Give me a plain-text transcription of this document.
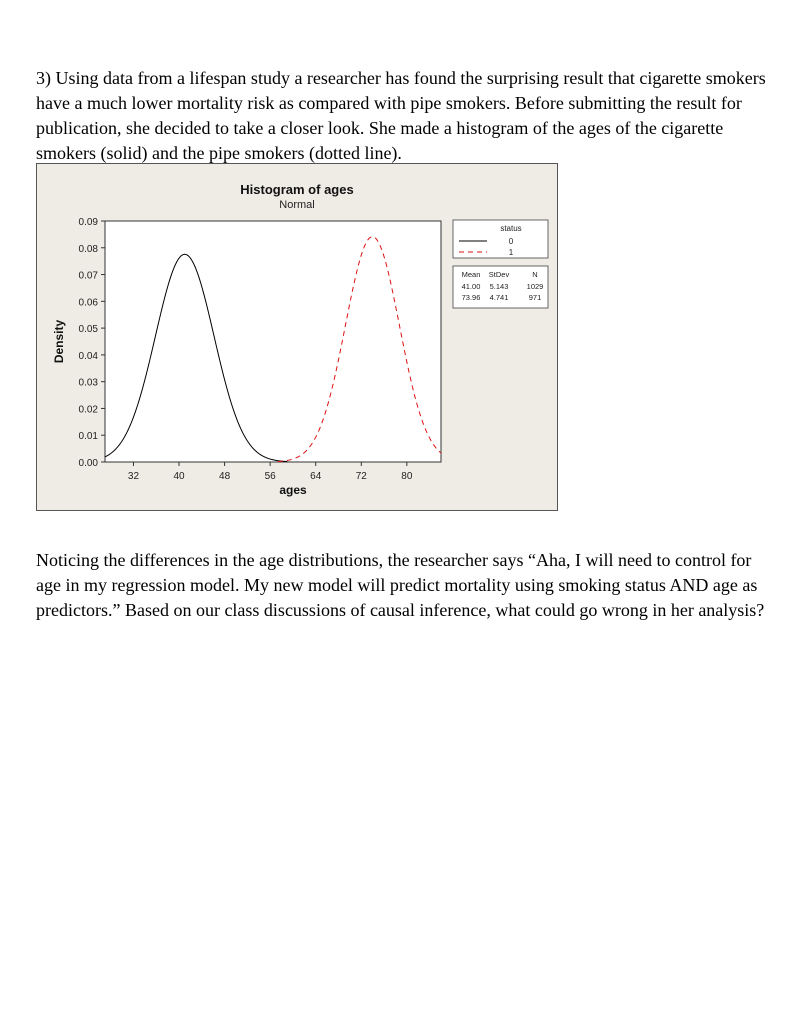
3) Using data from a lifespan study a researcher has found the surprising result that cigarette smokers have a much lower mortality risk as compared with pipe smokers. Before submitting the result for publication, she decided to take a closer look. She made a histogram of the ages of the cigarette smokers (solid) and the pipe smokers (dotted line).

Histogram of ages
Normal
0.00
0.01
0.02
0.03
0.04
0.05
0.06
0.07
0.08
0.09
32	40	48	56	64	72	80
ages
Density
status
0
1
Mean StDev	N
41.00 5.143 1029
73.96 4.741	971

Noticing the differences in the age distributions, the researcher says “Aha, I will need to control for age in my regression model. My new model will predict mortality using smoking status AND age as predictors.” Based on our class discussions of causal inference, what could go wrong in her analysis?
